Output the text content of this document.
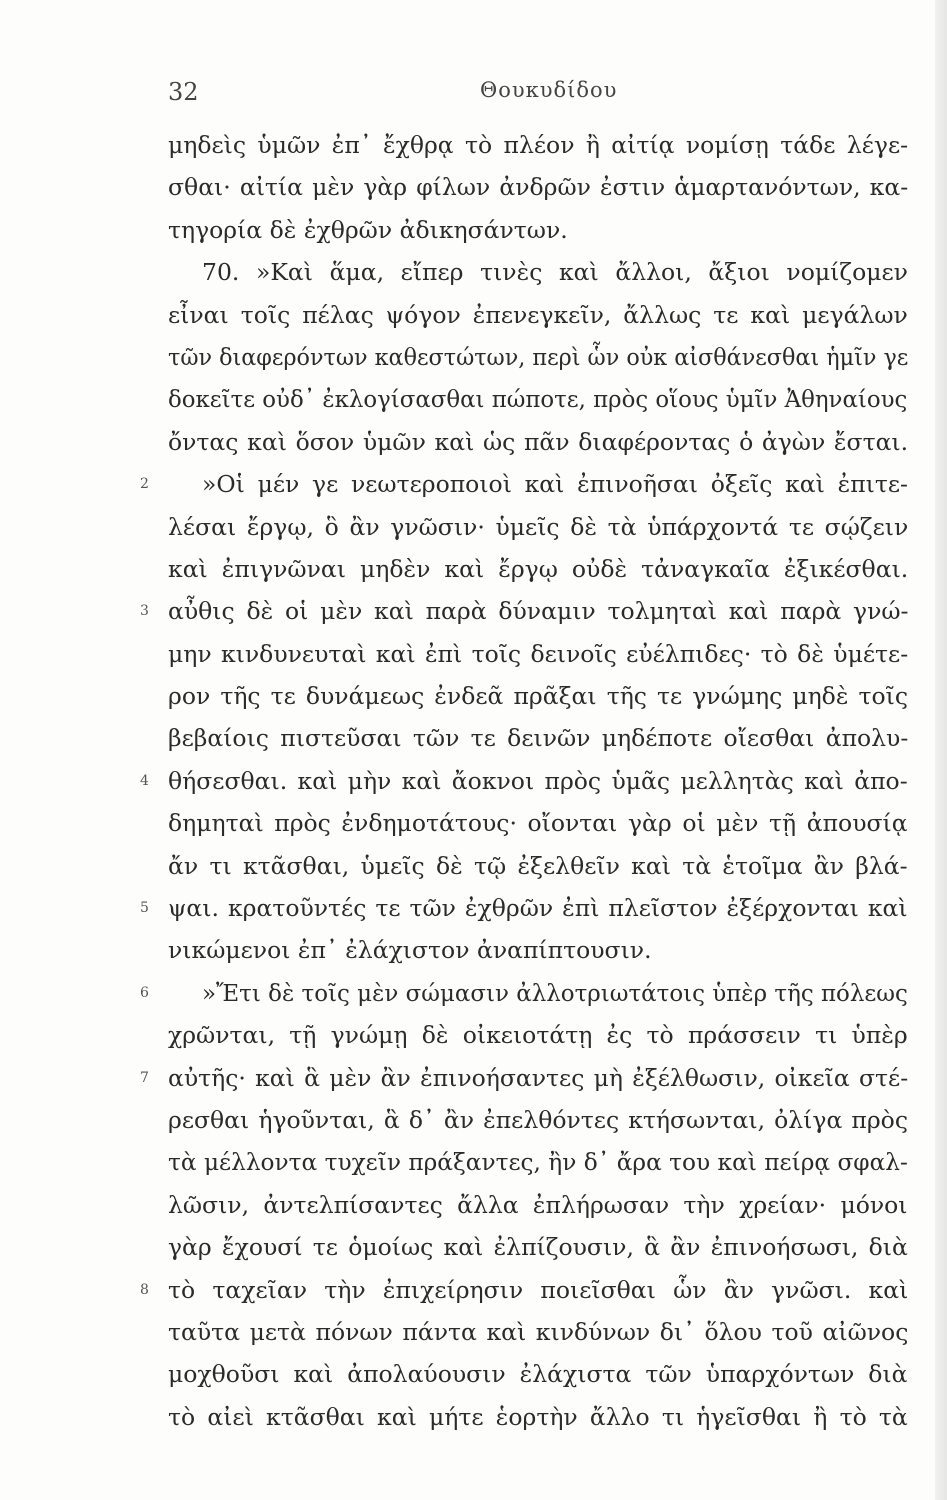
32	Θουκυδίδου
μηδεὶς ὑμῶν ἐπ᾽ ἔχθρᾳ τὸ πλέον ἢ αἰτίᾳ νομίσῃ τάδε λέγε-
σθαι· αἰτία μὲν γὰρ φίλων ἀνδρῶν ἐστιν ἁμαρτανόντων, κα-
τηγορία δὲ ἐχθρῶν ἀδικησάντων.
70. »Καὶ ἅμα, εἴπερ τινὲς καὶ ἄλλοι, ἄξιοι νομίζομεν
εἶναι τοῖς πέλας ψόγον ἐπενεγκεῖν, ἄλλως τε καὶ μεγάλων
τῶν διαφερόντων καθεστώτων, περὶ ὧν οὐκ αἰσθάνεσθαι ἡμῖν γε
δοκεῖτε οὐδ᾽ ἐκλογίσασθαι πώποτε, πρὸς οἵους ὑμῖν Ἀθηναίους
ὄντας καὶ ὅσον ὑμῶν καὶ ὡς πᾶν διαφέροντας ὁ ἀγὼν ἔσται.
2 »Οἱ μέν γε νεωτεροποιοὶ καὶ ἐπινοῆσαι ὀξεῖς καὶ ἐπιτε-
λέσαι ἔργῳ, ὃ ἂν γνῶσιν· ὑμεῖς δὲ τὰ ὑπάρχοντά τε σῴζειν
καὶ ἐπιγνῶναι μηδὲν καὶ ἔργῳ οὐδὲ τἀναγκαῖα ἐξικέσθαι.
3 αὖθις δὲ οἱ μὲν καὶ παρὰ δύναμιν τολμηταὶ καὶ παρὰ γνώ-
μην κινδυνευταὶ καὶ ἐπὶ τοῖς δεινοῖς εὐέλπιδες· τὸ δὲ ὑμέτε-
ρον τῆς τε δυνάμεως ἐνδεᾶ πρᾶξαι τῆς τε γνώμης μηδὲ τοῖς
βεβαίοις πιστεῦσαι τῶν τε δεινῶν μηδέποτε οἴεσθαι ἀπολυ-
4 θήσεσθαι. καὶ μὴν καὶ ἄοκνοι πρὸς ὑμᾶς μελλητὰς καὶ ἀπο-
δημηταὶ πρὸς ἐνδημοτάτους· οἴονται γὰρ οἱ μὲν τῇ ἀπουσίᾳ
ἄν τι κτᾶσθαι, ὑμεῖς δὲ τῷ ἐξελθεῖν καὶ τὰ ἑτοῖμα ἂν βλά-
5 ψαι. κρατοῦντές τε τῶν ἐχθρῶν ἐπὶ πλεῖστον ἐξέρχονται καὶ
νικώμενοι ἐπ᾽ ἐλάχιστον ἀναπίπτουσιν.
6 »Ἔτι δὲ τοῖς μὲν σώμασιν ἀλλοτριωτάτοις ὑπὲρ τῆς πόλεως
χρῶνται, τῇ γνώμῃ δὲ οἰκειοτάτῃ ἐς τὸ πράσσειν τι ὑπὲρ
7 αὐτῆς· καὶ ἃ μὲν ἂν ἐπινοήσαντες μὴ ἐξέλθωσιν, οἰκεῖα στέ-
ρεσθαι ἡγοῦνται, ἃ δ᾽ ἂν ἐπελθόντες κτήσωνται, ὀλίγα πρὸς
τὰ μέλλοντα τυχεῖν πράξαντες, ἢν δ᾽ ἄρα του καὶ πείρᾳ σφαλ-
λῶσιν, ἀντελπίσαντες ἄλλα ἐπλήρωσαν τὴν χρείαν· μόνοι
γὰρ ἔχουσί τε ὁμοίως καὶ ἐλπίζουσιν, ἃ ἂν ἐπινοήσωσι, διὰ
8 τὸ ταχεῖαν τὴν ἐπιχείρησιν ποιεῖσθαι ὧν ἂν γνῶσι. καὶ
ταῦτα μετὰ πόνων πάντα καὶ κινδύνων δι᾽ ὅλου τοῦ αἰῶνος
μοχθοῦσι καὶ ἀπολαύουσιν ἐλάχιστα τῶν ὑπαρχόντων διὰ
τὸ αἰεὶ κτᾶσθαι καὶ μήτε ἑορτὴν ἄλλο τι ἡγεῖσθαι ἢ τὸ τὰ
